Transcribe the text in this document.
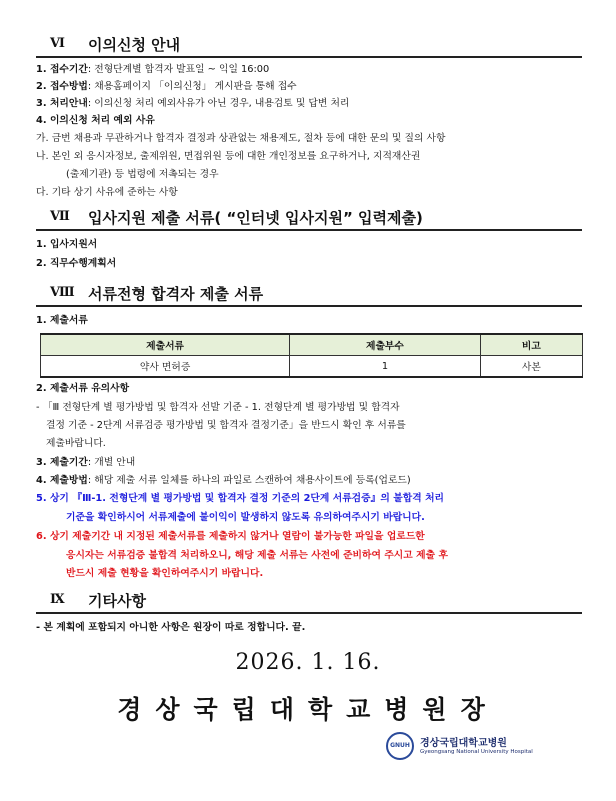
Ⅵ 이의신청 안내
1. 접수기간: 전형단계별 합격자 발표일 ~ 익일 16:00
2. 접수방법: 채용홈페이지 「이의신청」 게시판을 통해 접수
3. 처리안내: 이의신청 처리 예외사유가 아닌 경우, 내용검토 및 답변 처리
4. 이의신청 처리 예외 사유
가. 금번 채용과 무관하거나 합격자 결정과 상관없는 채용제도, 절차 등에 대한 문의 및 질의 사항
나. 본인 외 응시자정보, 출제위원, 면접위원 등에 대한 개인정보를 요구하거나, 지적재산권
(출제기관) 등 법령에 저촉되는 경우
다. 기타 상기 사유에 준하는 사항
Ⅶ 입사지원 제출 서류( “인터넷 입사지원” 입력제출)
1. 입사지원서
2. 직무수행계획서
Ⅷ 서류전형 합격자 제출 서류
1. 제출서류
제출서류	제출부수	비고
약사 면허증	1	사본
2. 제출서류 유의사항
- 「Ⅲ 전형단계 별 평가방법 및 합격자 선발 기준 - 1. 전형단계 별 평가방법 및 합격자
결정 기준 - 2단계 서류검증 평가방법 및 합격자 결정기준」을 반드시 확인 후 서류를
제출바랍니다.
3. 제출기간: 개별 안내
4. 제출방법: 해당 제출 서류 일체를 하나의 파일로 스캔하여 채용사이트에 등록(업로드)
5. 상기 『Ⅲ-1. 전형단계 별 평가방법 및 합격자 결정 기준의 2단계 서류검증』의 불합격 처리
기준을 확인하시어 서류제출에 불이익이 발생하지 않도록 유의하여주시기 바랍니다.
6. 상기 제출기간 내 지정된 제출서류를 제출하지 않거나 열람이 불가능한 파일을 업로드한
응시자는 서류검증 불합격 처리하오니, 해당 제출 서류는 사전에 준비하여 주시고 제출 후
반드시 제출 현황을 확인하여주시기 바랍니다.
Ⅸ 기타사항
- 본 계획에 포함되지 아니한 사항은 원장이 따로 정합니다. 끝.
2026. 1. 16.
경상국립대학교병원장
GNUH	경상국립대학교병원
Gyeongsang National University Hospital
